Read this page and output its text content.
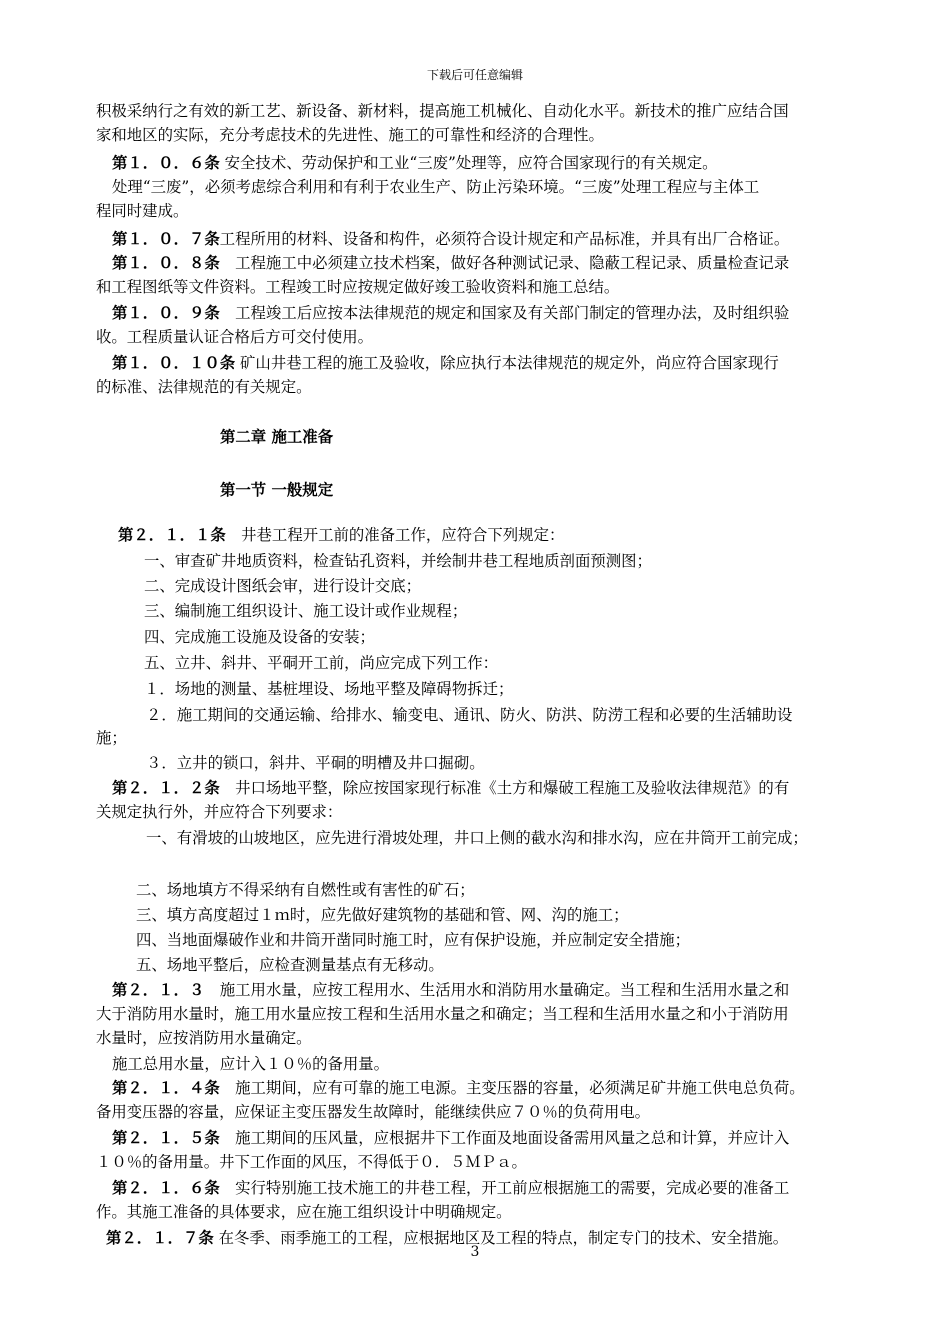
下载后可任意编辑
积极采纳行之有效的新工艺、新设备、新材料，提高施工机械化、自动化水平。新技术的推广应结合国
家和地区的实际，充分考虑技术的先进性、施工的可靠性和经济的合理性。
第１．０．６条 安全技术、劳动保护和工业“三废”处理等，应符合国家现行的有关规定。
处理“三废”，必须考虑综合利用和有利于农业生产、防止污染环境。“三废”处理工程应与主体工
程同时建成。
第１．０．７条工程所用的材料、设备和构件，必须符合设计规定和产品标准，并具有出厂合格证。
第１．０．８条　工程施工中必须建立技术档案，做好各种测试记录、隐蔽工程记录、质量检查记录
和工程图纸等文件资料。工程竣工时应按规定做好竣工验收资料和施工总结。
第１．０．９条　工程竣工后应按本法律规范的规定和国家及有关部门制定的管理办法，及时组织验
收。工程质量认证合格后方可交付使用。
第１．０．１０条 矿山井巷工程的施工及验收，除应执行本法律规范的规定外，尚应符合国家现行
的标准、法律规范的有关规定。
第２．１．１条　井巷工程开工前的准备工作，应符合下列规定：
一、审查矿井地质资料，检查钻孔资料，并绘制井巷工程地质剖面预测图；
二、完成设计图纸会审，进行设计交底；
三、编制施工组织设计、施工设计或作业规程；
四、完成施工设施及设备的安装；
五、立井、斜井、平硐开工前，尚应完成下列工作：
１．场地的测量、基桩埋设、场地平整及障碍物拆迁；
２．施工期间的交通运输、给排水、输变电、通讯、防火、防洪、防涝工程和必要的生活辅助设
施；
３．立井的锁口，斜井、平硐的明槽及井口掘砌。
第２．１．２条　井口场地平整，除应按国家现行标准《土方和爆破工程施工及验收法律规范》的有
关规定执行外，并应符合下列要求：
一、有滑坡的山坡地区，应先进行滑坡处理，井口上侧的截水沟和排水沟，应在井筒开工前完成；
二、场地填方不得采纳有自燃性或有害性的矿石；
三、填方高度超过１ｍ时，应先做好建筑物的基础和管、网、沟的施工；
四、当地面爆破作业和井筒开凿同时施工时，应有保护设施，并应制定安全措施；
五、场地平整后，应检查测量基点有无移动。
第２．１．３　施工用水量，应按工程用水、生活用水和消防用水量确定。当工程和生活用水量之和
大于消防用水量时，施工用水量应按工程和生活用水量之和确定；当工程和生活用水量之和小于消防用
水量时，应按消防用水量确定。
施工总用水量，应计入１０％的备用量。
第２．１．４条　施工期间，应有可靠的施工电源。主变压器的容量，必须满足矿井施工供电总负荷。
备用变压器的容量，应保证主变压器发生故障时，能继续供应７０％的负荷用电。
第２．１．５条　施工期间的压风量，应根据井下工作面及地面设备需用风量之总和计算，并应计入
１０％的备用量。井下工作面的风压，不得低于０．５ＭＰａ。
第２．１．６条　实行特别施工技术施工的井巷工程，开工前应根据施工的需要，完成必要的准备工
作。其施工准备的具体要求，应在施工组织设计中明确规定。
第２．１．７条 在冬季、雨季施工的工程，应根据地区及工程的特点，制定专门的技术、安全措施。
第二章 施工准备
第一节 一般规定
3
